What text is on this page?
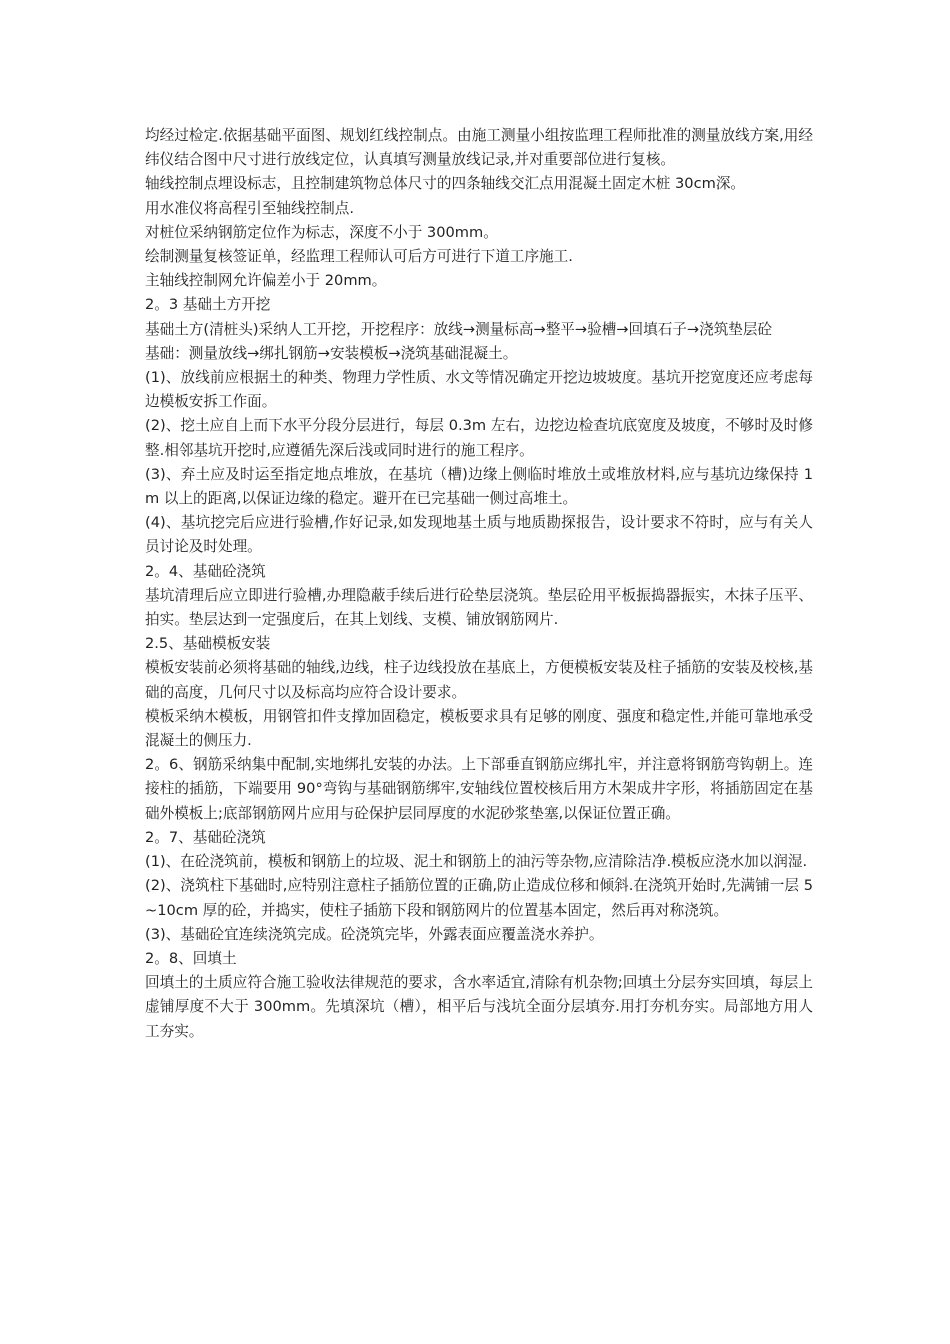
均经过检定.依据基础平面图、规划红线控制点。由施工测量小组按监理工程师批准的测量放线方案,用经纬仪结合图中尺寸进行放线定位，认真填写测量放线记录,并对重要部位进行复核。

轴线控制点埋设标志，且控制建筑物总体尺寸的四条轴线交汇点用混凝土固定木桩 30cm深。

用水准仪将高程引至轴线控制点.

对桩位采纳钢筋定位作为标志，深度不小于 300mm。

绘制测量复核签证单，经监理工程师认可后方可进行下道工序施工.

主轴线控制网允许偏差小于 20mm。

2。3 基础土方开挖

基础土方(清桩头)采纳人工开挖，开挖程序：放线→测量标高→整平→验槽→回填石子→浇筑垫层砼

基础：测量放线→绑扎钢筋→安装模板→浇筑基础混凝土。

(1)、放线前应根据土的种类、物理力学性质、水文等情况确定开挖边坡坡度。基坑开挖宽度还应考虑每边模板安拆工作面。

(2)、挖土应自上而下水平分段分层进行，每层 0.3m 左右，边挖边检查坑底宽度及坡度，不够时及时修整.相邻基坑开挖时,应遵循先深后浅或同时进行的施工程序。

(3)、弃土应及时运至指定地点堆放，在基坑（槽)边缘上侧临时堆放土或堆放材料,应与基坑边缘保持 1m 以上的距离,以保证边缘的稳定。避开在已完基础一侧过高堆土。

(4)、基坑挖完后应进行验槽,作好记录,如发现地基土质与地质勘探报告，设计要求不符时，应与有关人员讨论及时处理。

2。4、基础砼浇筑

基坑清理后应立即进行验槽,办理隐蔽手续后进行砼垫层浇筑。垫层砼用平板振捣器振实，木抹子压平、拍实。垫层达到一定强度后，在其上划线、支模、铺放钢筋网片.

2.5、基础模板安装

模板安装前必须将基础的轴线,边线，柱子边线投放在基底上，方便模板安装及柱子插筋的安装及校核,基础的高度，几何尺寸以及标高均应符合设计要求。

模板采纳木模板，用钢管扣件支撑加固稳定，模板要求具有足够的刚度、强度和稳定性,并能可靠地承受混凝土的侧压力.

2。6、钢筋采纳集中配制,实地绑扎安装的办法。上下部垂直钢筋应绑扎牢，并注意将钢筋弯钩朝上。连接柱的插筋，下端要用 90°弯钩与基础钢筋绑牢,安轴线位置校核后用方木架成井字形，将插筋固定在基础外模板上;底部钢筋网片应用与砼保护层同厚度的水泥砂浆垫塞,以保证位置正确。

2。7、基础砼浇筑

(1)、在砼浇筑前，模板和钢筋上的垃圾、泥土和钢筋上的油污等杂物,应清除洁净.模板应浇水加以润湿.

(2)、浇筑柱下基础时,应特别注意柱子插筋位置的正确,防止造成位移和倾斜.在浇筑开始时,先满铺一层 5~10cm 厚的砼，并捣实，使柱子插筋下段和钢筋网片的位置基本固定，然后再对称浇筑。

(3)、基础砼宜连续浇筑完成。砼浇筑完毕，外露表面应覆盖浇水养护。

2。8、回填土

回填土的土质应符合施工验收法律规范的要求，含水率适宜,清除有机杂物;回填土分层夯实回填，每层上虚铺厚度不大于 300mm。先填深坑（槽），相平后与浅坑全面分层填夯.用打夯机夯实。局部地方用人工夯实。
